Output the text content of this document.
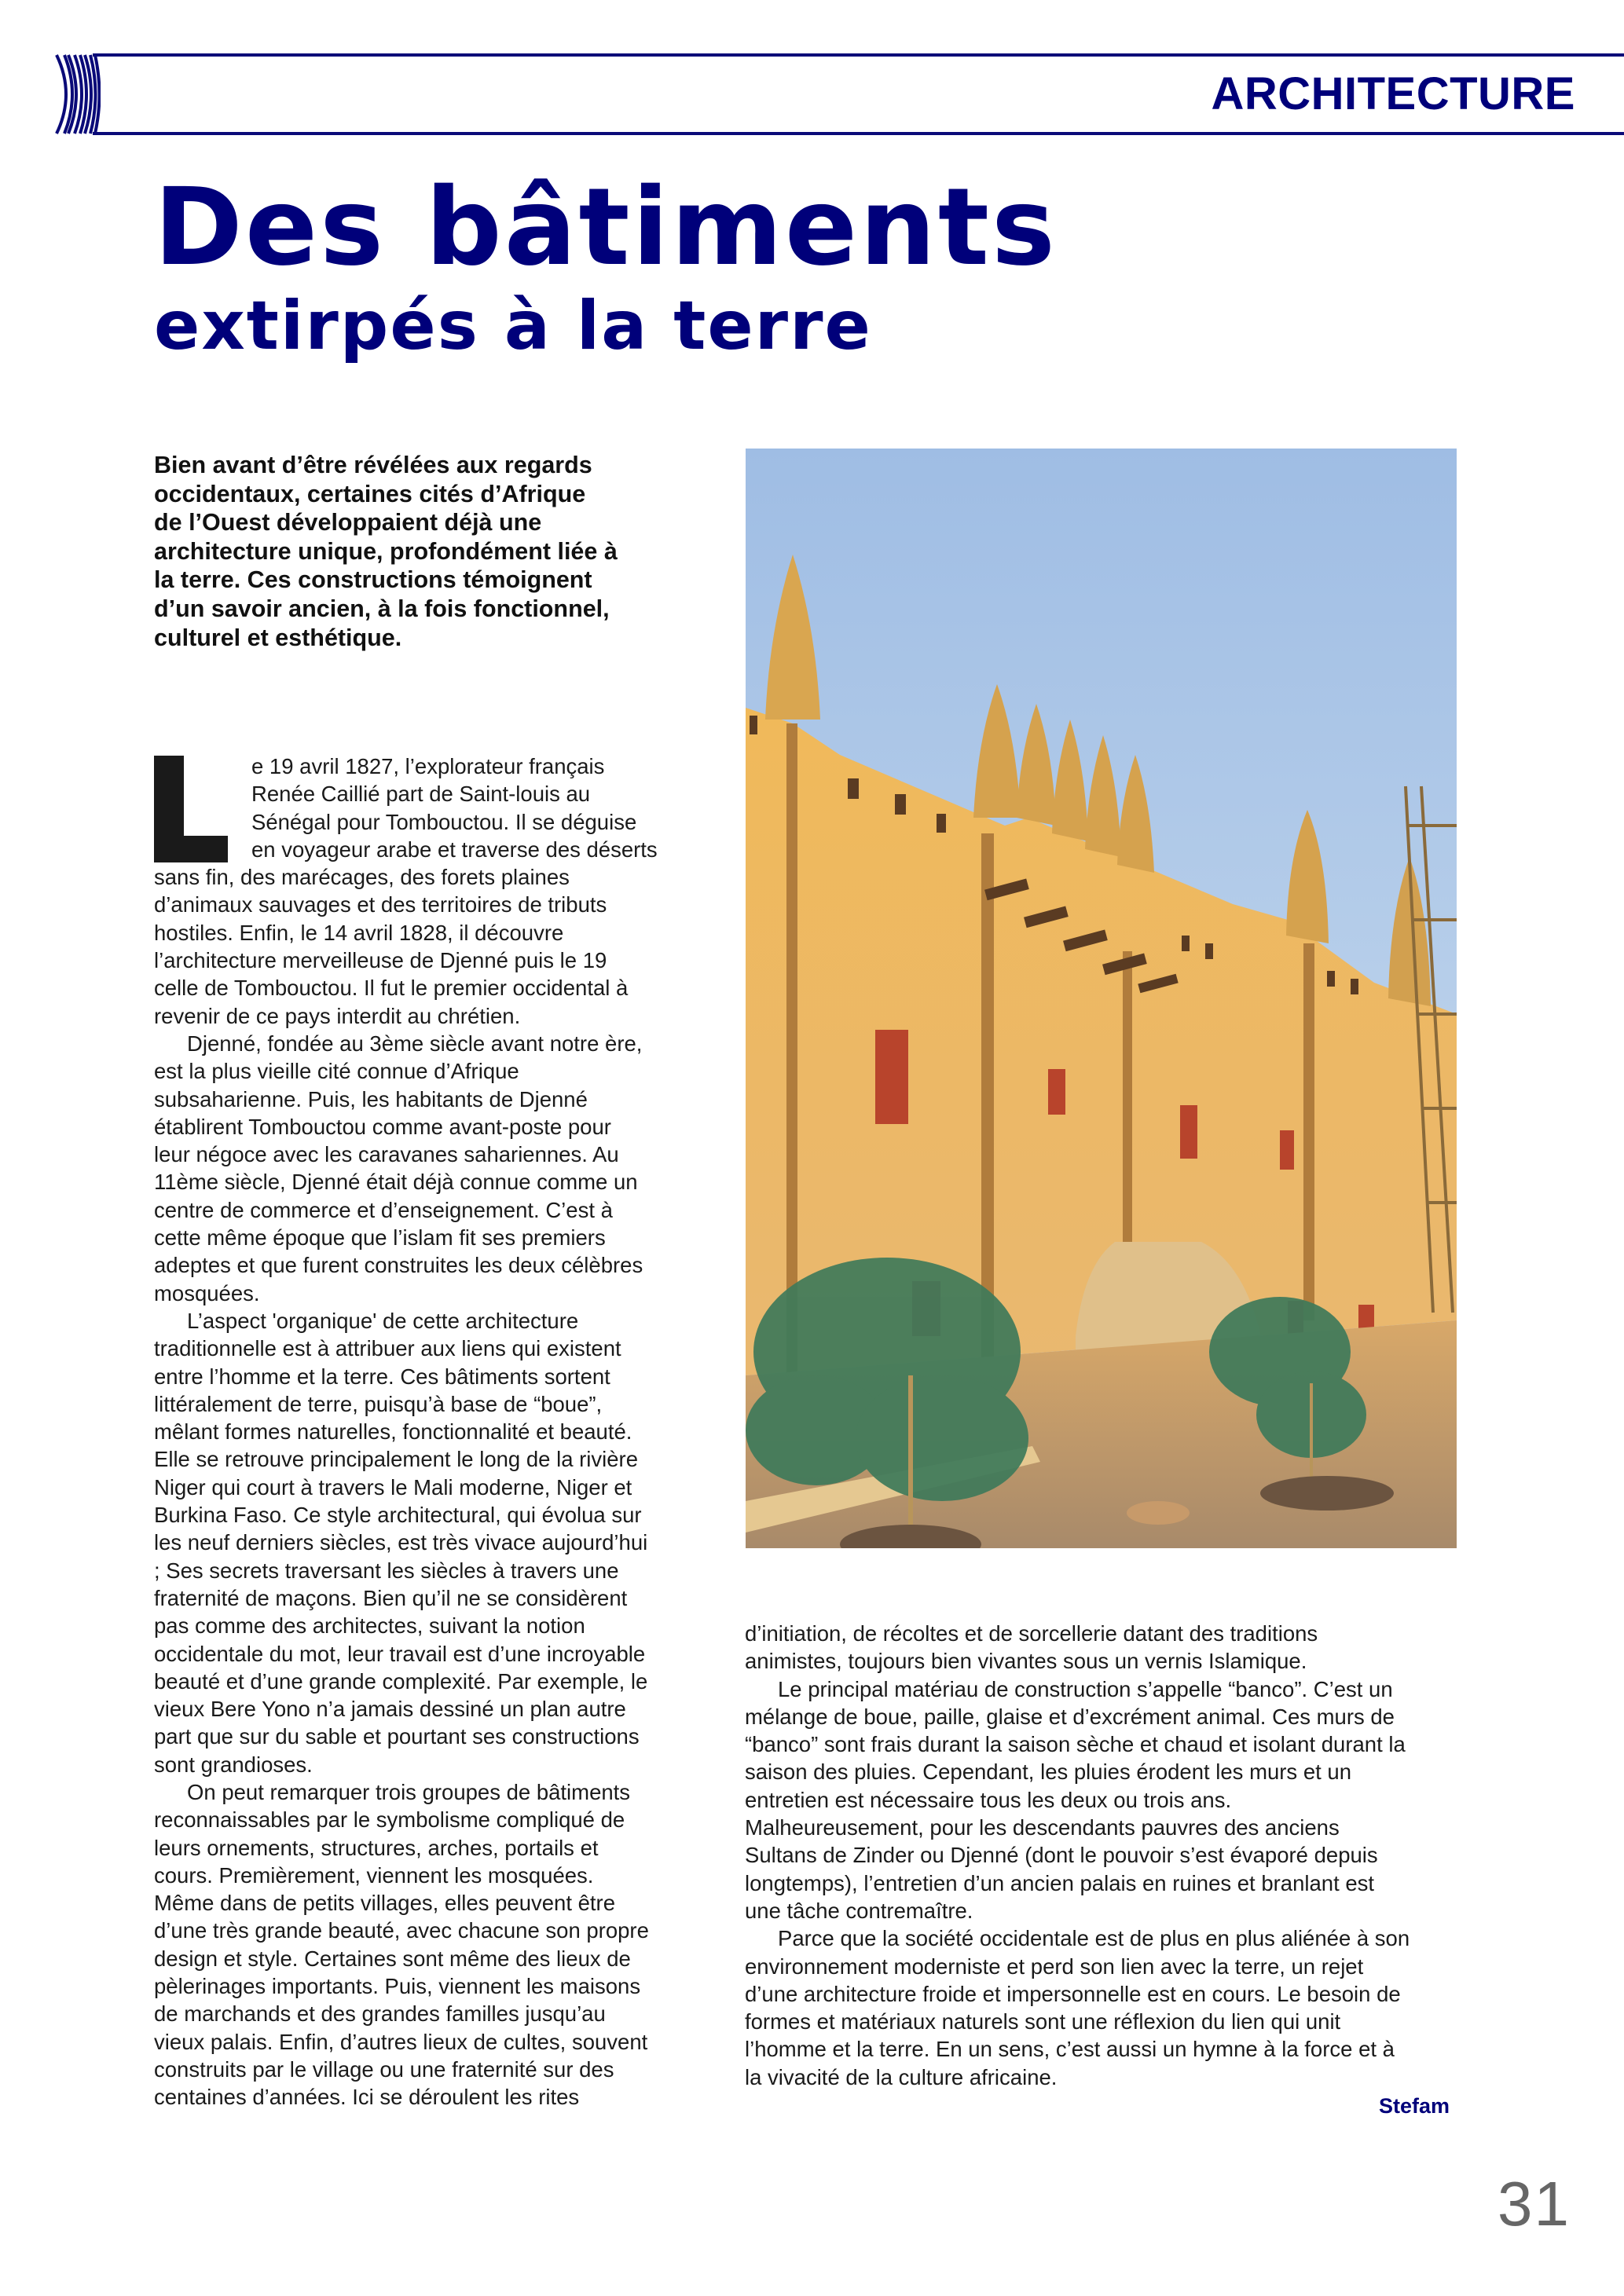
ARCHITECTURE
Des bâtiments
extirpés à la terre
Bien avant d’être révélées aux regards
occidentaux, certaines cités d’Afrique
de l’Ouest développaient déjà une
architecture unique, profondément liée à
la terre. Ces constructions témoignent
d’un savoir ancien, à la fois fonctionnel,
culturel et esthétique.
e 19 avril 1827, l’explorateur français
Renée Caillié part de Saint-louis au
Sénégal pour Tombouctou. Il se déguise
en voyageur arabe et traverse des déserts
sans fin, des marécages, des forets plaines
d’animaux sauvages et des territoires de tributs
hostiles. Enfin, le 14 avril 1828, il découvre
l’architecture merveilleuse de Djenné puis le 19
celle de Tombouctou. Il fut le premier occidental à
revenir de ce pays interdit au chrétien.
Djenné, fondée au 3ème siècle avant notre ère,
est la plus vieille cité connue d’Afrique
subsaharienne. Puis, les habitants de Djenné
établirent Tombouctou comme avant-poste pour
leur négoce avec les caravanes sahariennes. Au
11ème siècle, Djenné était déjà connue comme un
centre de commerce et d’enseignement. C’est à
cette même époque que l’islam fit ses premiers
adeptes et que furent construites les deux célèbres
mosquées.
L’aspect 'organique' de cette architecture
traditionnelle est à attribuer aux liens qui existent
entre l’homme et la terre. Ces bâtiments sortent
littéralement de terre, puisqu’à base de “boue”,
mêlant formes naturelles, fonctionnalité et beauté.
Elle se retrouve principalement le long de la rivière
Niger qui court à travers le Mali moderne, Niger et
Burkina Faso. Ce style architectural, qui évolua sur
les neuf derniers siècles, est très vivace aujourd’hui
; Ses secrets traversant les siècles à travers une
fraternité de maçons. Bien qu’il ne se considèrent
pas comme des architectes, suivant la notion
occidentale du mot, leur travail est d’une incroyable
beauté et d’une grande complexité. Par exemple, le
vieux Bere Yono n’a jamais dessiné un plan autre
part que sur du sable et pourtant ses constructions
sont grandioses.
On peut remarquer trois groupes de bâtiments
reconnaissables par le symbolisme compliqué de
leurs ornements, structures, arches, portails et
cours. Premièrement, viennent les mosquées.
Même dans de petits villages, elles peuvent être
d’une très grande beauté, avec chacune son propre
design et style. Certaines sont même des lieux de
pèlerinages importants. Puis, viennent les maisons
de marchands et des grandes familles jusqu’au
vieux palais. Enfin, d’autres lieux de cultes, souvent
construits par le village ou une fraternité sur des
centaines d’années. Ici se déroulent les rites
d’initiation, de récoltes et de sorcellerie datant des traditions
animistes, toujours bien vivantes sous un vernis Islamique.
Le principal matériau de construction s’appelle “banco”. C’est un
mélange de boue, paille, glaise et d’excrément animal. Ces murs de
“banco” sont frais durant la saison sèche et chaud et isolant durant la
saison des pluies. Cependant, les pluies érodent les murs et un
entretien est nécessaire tous les deux ou trois ans.
Malheureusement, pour les descendants pauvres des anciens
Sultans de Zinder ou Djenné (dont le pouvoir s’est évaporé depuis
longtemps), l’entretien d’un ancien palais en ruines et branlant est
une tâche contremaître.
Parce que la société occidentale est de plus en plus aliénée à son
environnement moderniste et perd son lien avec la terre, un rejet
d’une architecture froide et impersonnelle est en cours. Le besoin de
formes et matériaux naturels sont une réflexion du lien qui unit
l’homme et la terre. En un sens, c’est aussi un hymne à la force et à
la vivacité de la culture africaine.
Stefam
31
